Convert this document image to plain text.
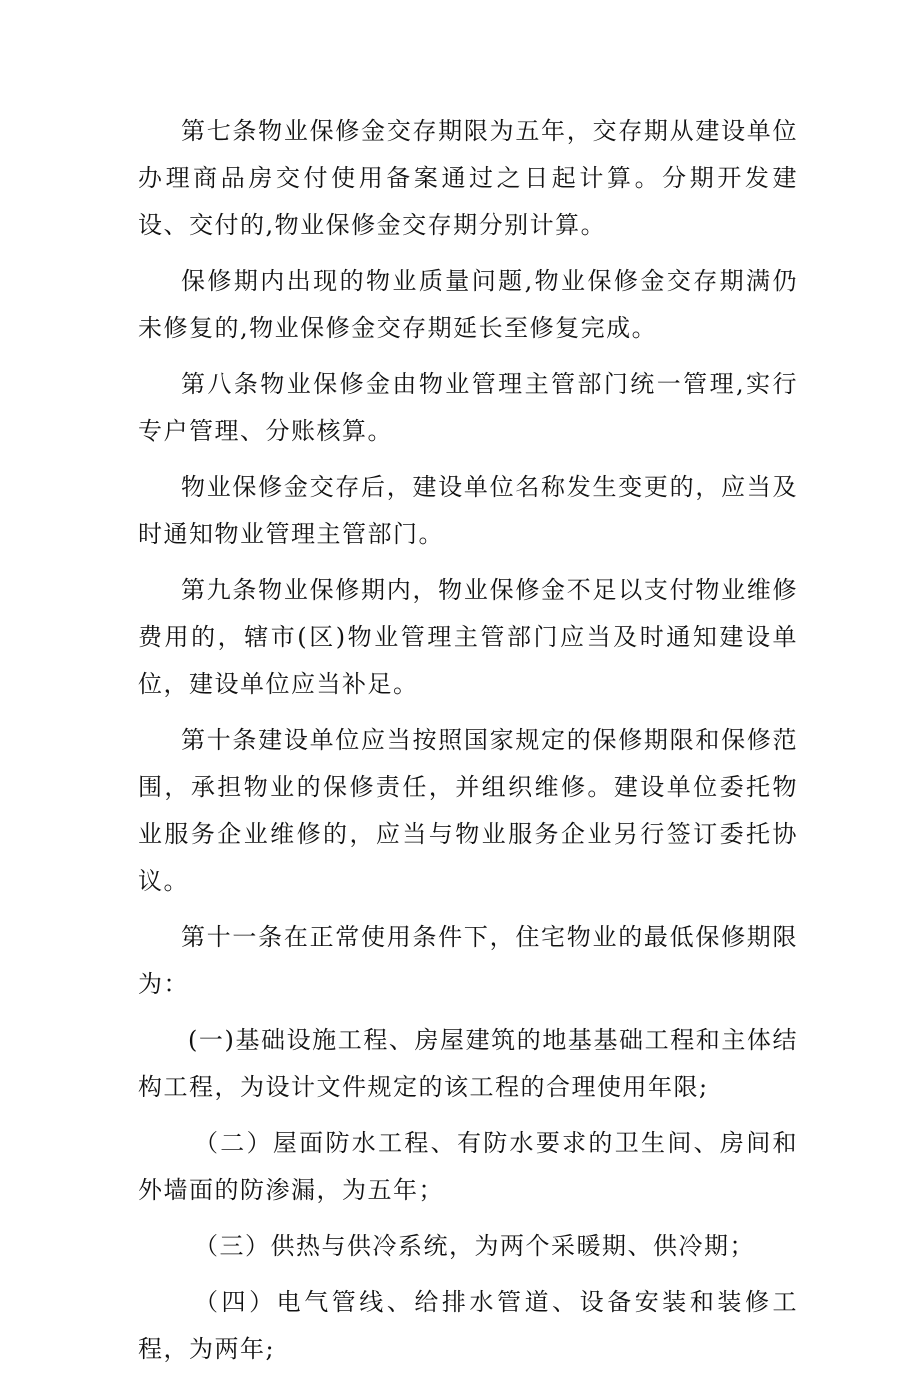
第七条物业保修金交存期限为五年，交存期从建设单位办理商品房交付使用备案通过之日起计算。分期开发建设、交付的,物业保修金交存期分别计算。

保修期内出现的物业质量问题,物业保修金交存期满仍未修复的,物业保修金交存期延长至修复完成。

第八条物业保修金由物业管理主管部门统一管理,实行专户管理、分账核算。

物业保修金交存后，建设单位名称发生变更的，应当及时通知物业管理主管部门。

第九条物业保修期内，物业保修金不足以支付物业维修费用的，辖市(区)物业管理主管部门应当及时通知建设单位，建设单位应当补足。

第十条建设单位应当按照国家规定的保修期限和保修范围，承担物业的保修责任，并组织维修。建设单位委托物业服务企业维修的，应当与物业服务企业另行签订委托协议。

第十一条在正常使用条件下，住宅物业的最低保修期限为：

(一)基础设施工程、房屋建筑的地基基础工程和主体结构工程，为设计文件规定的该工程的合理使用年限;

（二）屋面防水工程、有防水要求的卫生间、房间和外墙面的防渗漏，为五年；

（三）供热与供冷系统，为两个采暖期、供冷期；

（四）电气管线、给排水管道、设备安装和装修工程，为两年;
